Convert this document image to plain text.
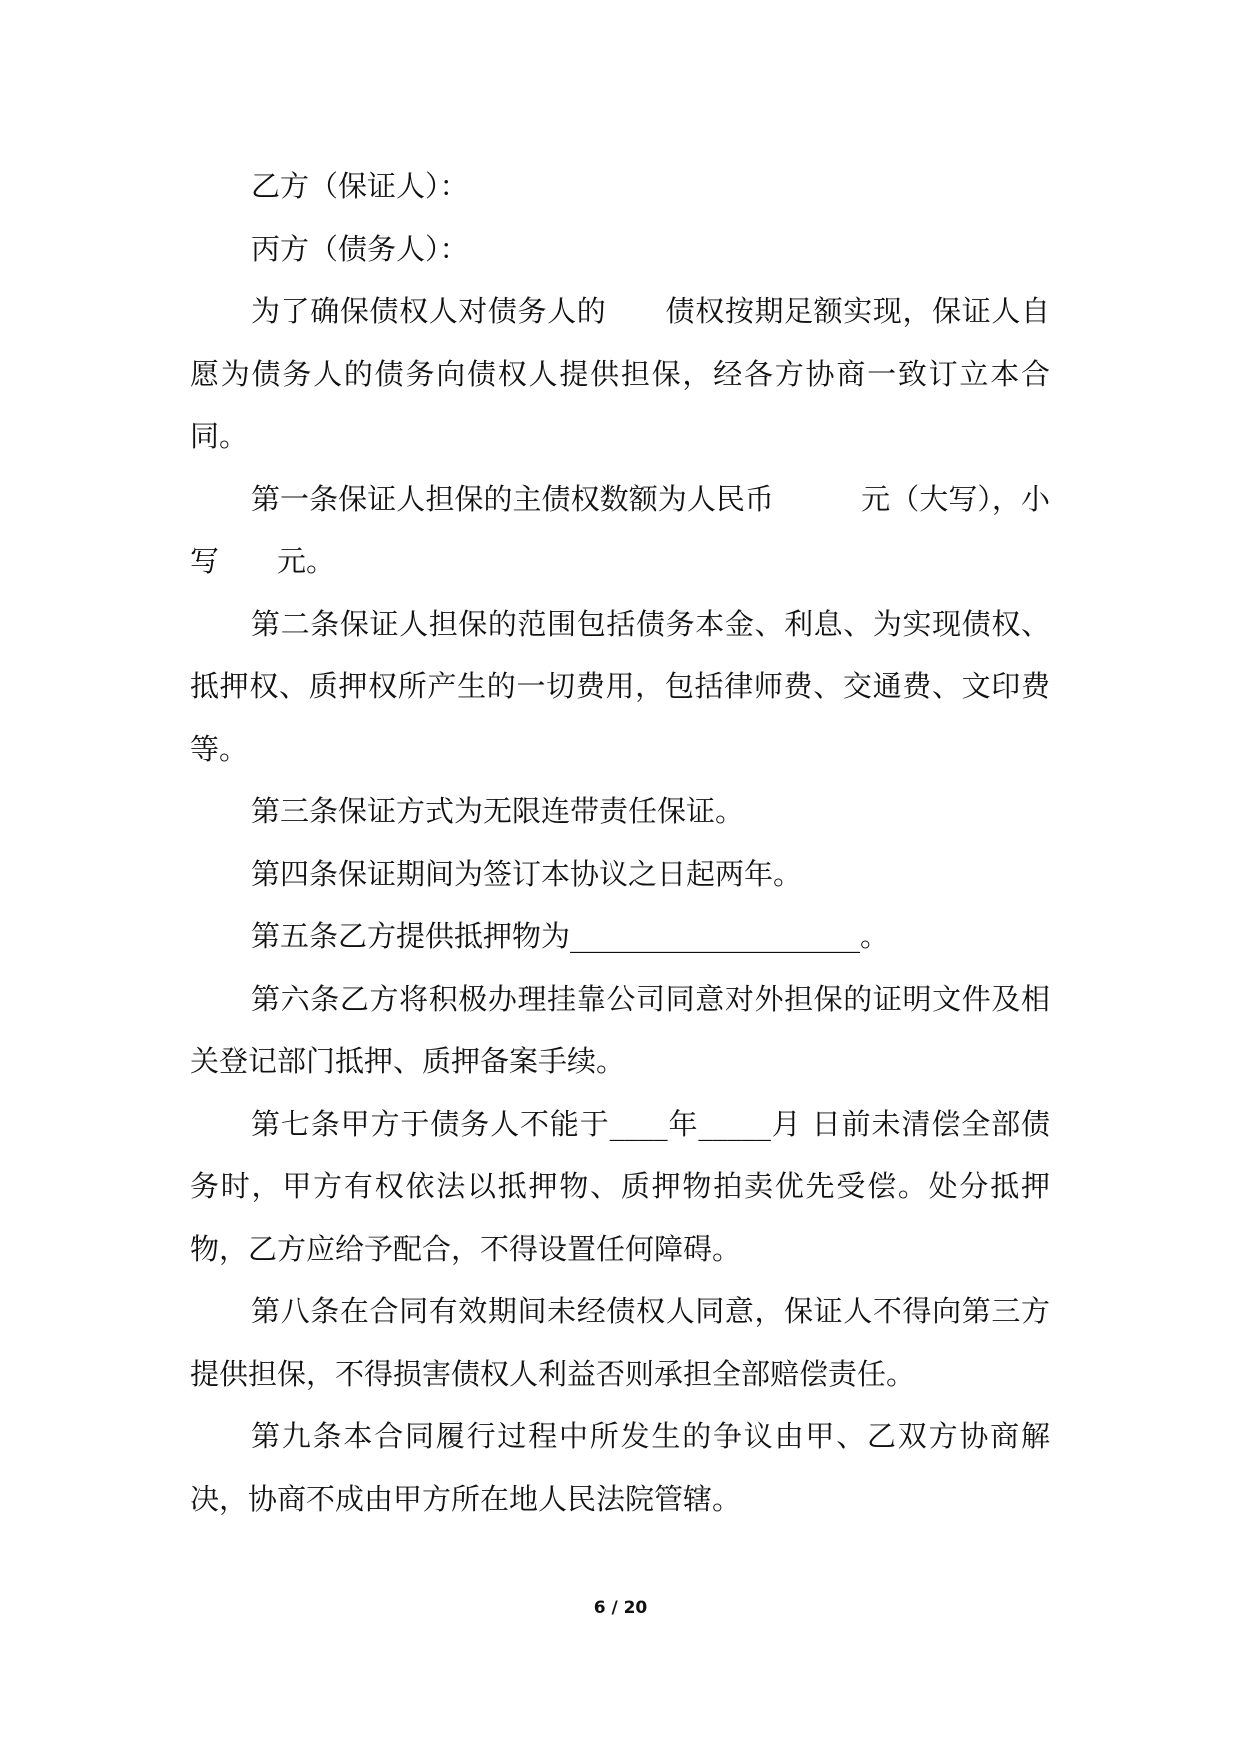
乙方（保证人）：

丙方（债务人）：

为了确保债权人对债务人的　　债权按期足额实现，保证人自愿为债务人的债务向债权人提供担保，经各方协商一致订立本合同。

第一条保证人担保的主债权数额为人民币　　　元（大写），小写　　元。

第二条保证人担保的范围包括债务本金、利息、为实现债权、抵押权、质押权所产生的一切费用，包括律师费、交通费、文印费等。

第三条保证方式为无限连带责任保证。

第四条保证期间为签订本协议之日起两年。

第五条乙方提供抵押物为____________________。

第六条乙方将积极办理挂靠公司同意对外担保的证明文件及相关登记部门抵押、质押备案手续。

第七条甲方于债务人不能于____年_____月 日前未清偿全部债务时，甲方有权依法以抵押物、质押物拍卖优先受偿。处分抵押物，乙方应给予配合，不得设置任何障碍。

第八条在合同有效期间未经债权人同意，保证人不得向第三方提供担保，不得损害债权人利益否则承担全部赔偿责任。

第九条本合同履行过程中所发生的争议由甲、乙双方协商解决，协商不成由甲方所在地人民法院管辖。

6 / 20
